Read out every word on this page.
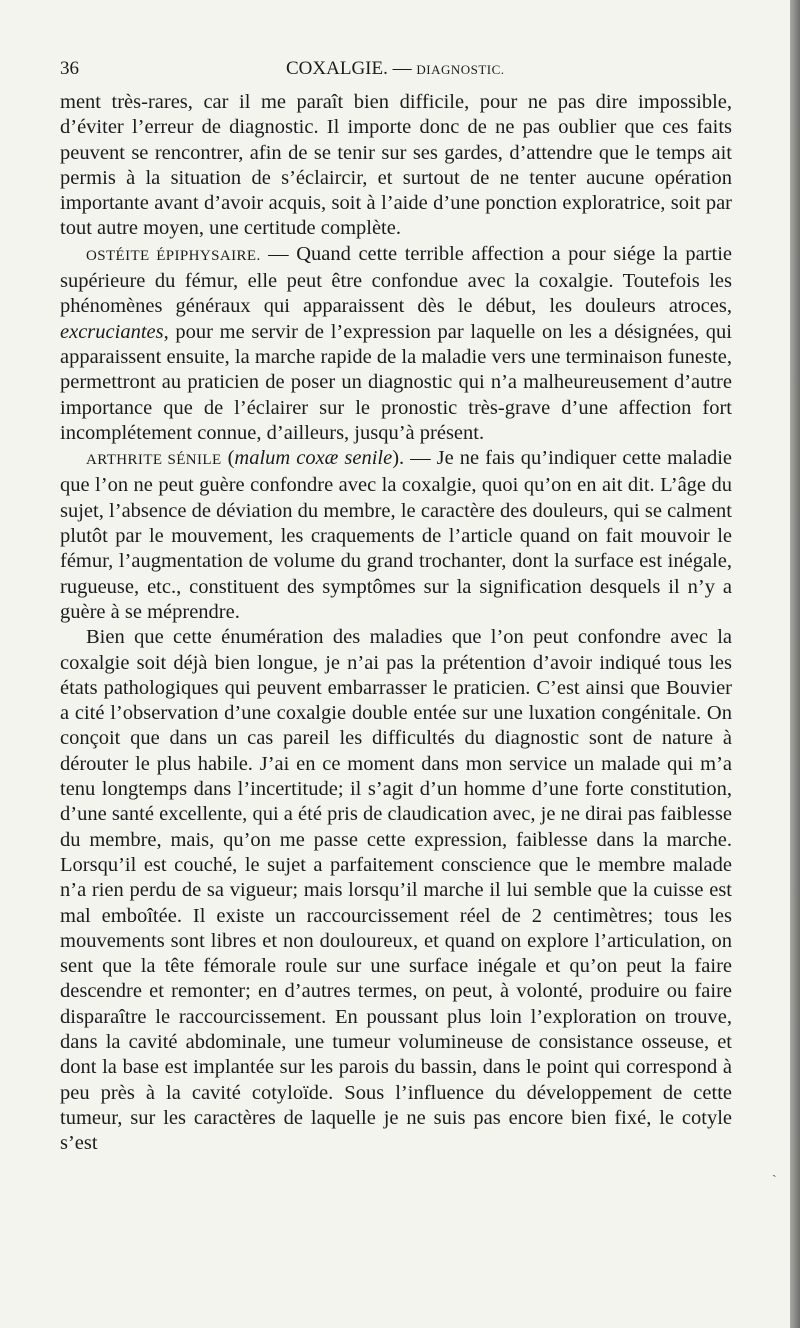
36	COXALGIE. — DIAGNOSTIC.

ment très-rares, car il me paraît bien difficile, pour ne pas dire impossible, d’éviter l’erreur de diagnostic. Il importe donc de ne pas oublier que ces faits peuvent se rencontrer, afin de se tenir sur ses gardes, d’attendre que le temps ait permis à la situation de s’éclaircir, et surtout de ne tenter aucune opération importante avant d’avoir acquis, soit à l’aide d’une ponction exploratrice, soit par tout autre moyen, une certitude complète.

OSTÉITE ÉPIPHYSAIRE. — Quand cette terrible affection a pour siége la partie supérieure du fémur, elle peut être confondue avec la coxalgie. Toutefois les phénomènes généraux qui apparaissent dès le début, les douleurs atroces, excruciantes, pour me servir de l’expression par laquelle on les a désignées, qui apparaissent ensuite, la marche rapide de la maladie vers une terminaison funeste, permettront au praticien de poser un diagnostic qui n’a malheureusement d’autre importance que de l’éclairer sur le pronostic très-grave d’une affection fort incomplétement connue, d’ailleurs, jusqu’à présent.

ARTHRITE SÉNILE (malum coxæ senile). — Je ne fais qu’indiquer cette maladie que l’on ne peut guère confondre avec la coxalgie, quoi qu’on en ait dit. L’âge du sujet, l’absence de déviation du membre, le caractère des douleurs, qui se calment plutôt par le mouvement, les craquements de l’article quand on fait mouvoir le fémur, l’augmentation de volume du grand trochanter, dont la surface est inégale, rugueuse, etc., constituent des symptômes sur la signification desquels il n’y a guère à se méprendre.

Bien que cette énumération des maladies que l’on peut confondre avec la coxalgie soit déjà bien longue, je n’ai pas la prétention d’avoir indiqué tous les états pathologiques qui peuvent embarrasser le praticien. C’est ainsi que Bouvier a cité l’observation d’une coxalgie double entée sur une luxation congénitale. On conçoit que dans un cas pareil les difficultés du diagnostic sont de nature à dérouter le plus habile. J’ai en ce moment dans mon service un malade qui m’a tenu longtemps dans l’incertitude; il s’agit d’un homme d’une forte constitution, d’une santé excellente, qui a été pris de claudication avec, je ne dirai pas faiblesse du membre, mais, qu’on me passe cette expression, faiblesse dans la marche. Lorsqu’il est couché, le sujet a parfaitement conscience que le membre malade n’a rien perdu de sa vigueur; mais lorsqu’il marche il lui semble que la cuisse est mal emboîtée. Il existe un raccourcissement réel de 2 centimètres; tous les mouvements sont libres et non douloureux, et quand on explore l’articulation, on sent que la tête fémorale roule sur une surface inégale et qu’on peut la faire descendre et remonter; en d’autres termes, on peut, à volonté, produire ou faire disparaître le raccourcissement. En poussant plus loin l’exploration on trouve, dans la cavité abdominale, une tumeur volumineuse de consistance osseuse, et dont la base est implantée sur les parois du bassin, dans le point qui correspond à peu près à la cavité cotyloïde. Sous l’influence du développement de cette tumeur, sur les caractères de laquelle je ne suis pas encore bien fixé, le cotyle s’est

ˎ
